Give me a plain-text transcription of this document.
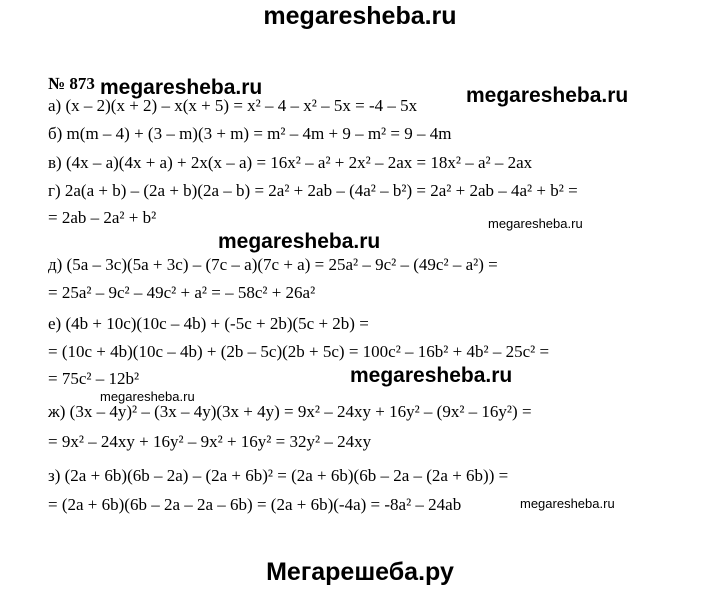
megaresheba.ru
№ 873
а) (x – 2)(x + 2) – x(x + 5) = x² – 4 – x² – 5x = -4 – 5x
б) m(m – 4) + (3 – m)(3 + m) = m² – 4m + 9 – m² = 9 – 4m
в) (4x – a)(4x + a) + 2x(x – a) = 16x² – a² + 2x² – 2ax = 18x² – a² – 2ax
г) 2a(a + b) – (2a + b)(2a – b) = 2a² + 2ab – (4a² – b²) = 2a² + 2ab – 4a² + b² =
= 2ab – 2a² + b²
д) (5a – 3c)(5a + 3c) – (7c – a)(7c + a) = 25a² – 9c² – (49c² – a²) =
= 25a² – 9c² – 49c² + a² = – 58c² + 26a²
е) (4b + 10c)(10c – 4b) + (-5c + 2b)(5c + 2b) =
= (10c + 4b)(10c – 4b) + (2b – 5c)(2b + 5c) = 100c² – 16b² + 4b² – 25c² =
= 75c² – 12b²
ж) (3x – 4y)² – (3x – 4y)(3x + 4y) = 9x² – 24xy + 16y² – (9x² – 16y²) =
= 9x² – 24xy + 16y² – 9x² + 16y² = 32y² – 24xy
з) (2a + 6b)(6b – 2a) – (2a + 6b)² = (2a + 6b)(6b – 2a – (2a + 6b)) =
= (2a + 6b)(6b – 2a – 2a – 6b) = (2a + 6b)(-4a) = -8a² – 24ab
megaresheba.ru	megaresheba.ru
megaresheba.ru
megaresheba.ru
megaresheba.ru
megaresheba.ru
megaresheba.ru
Мегарешеба.ру
